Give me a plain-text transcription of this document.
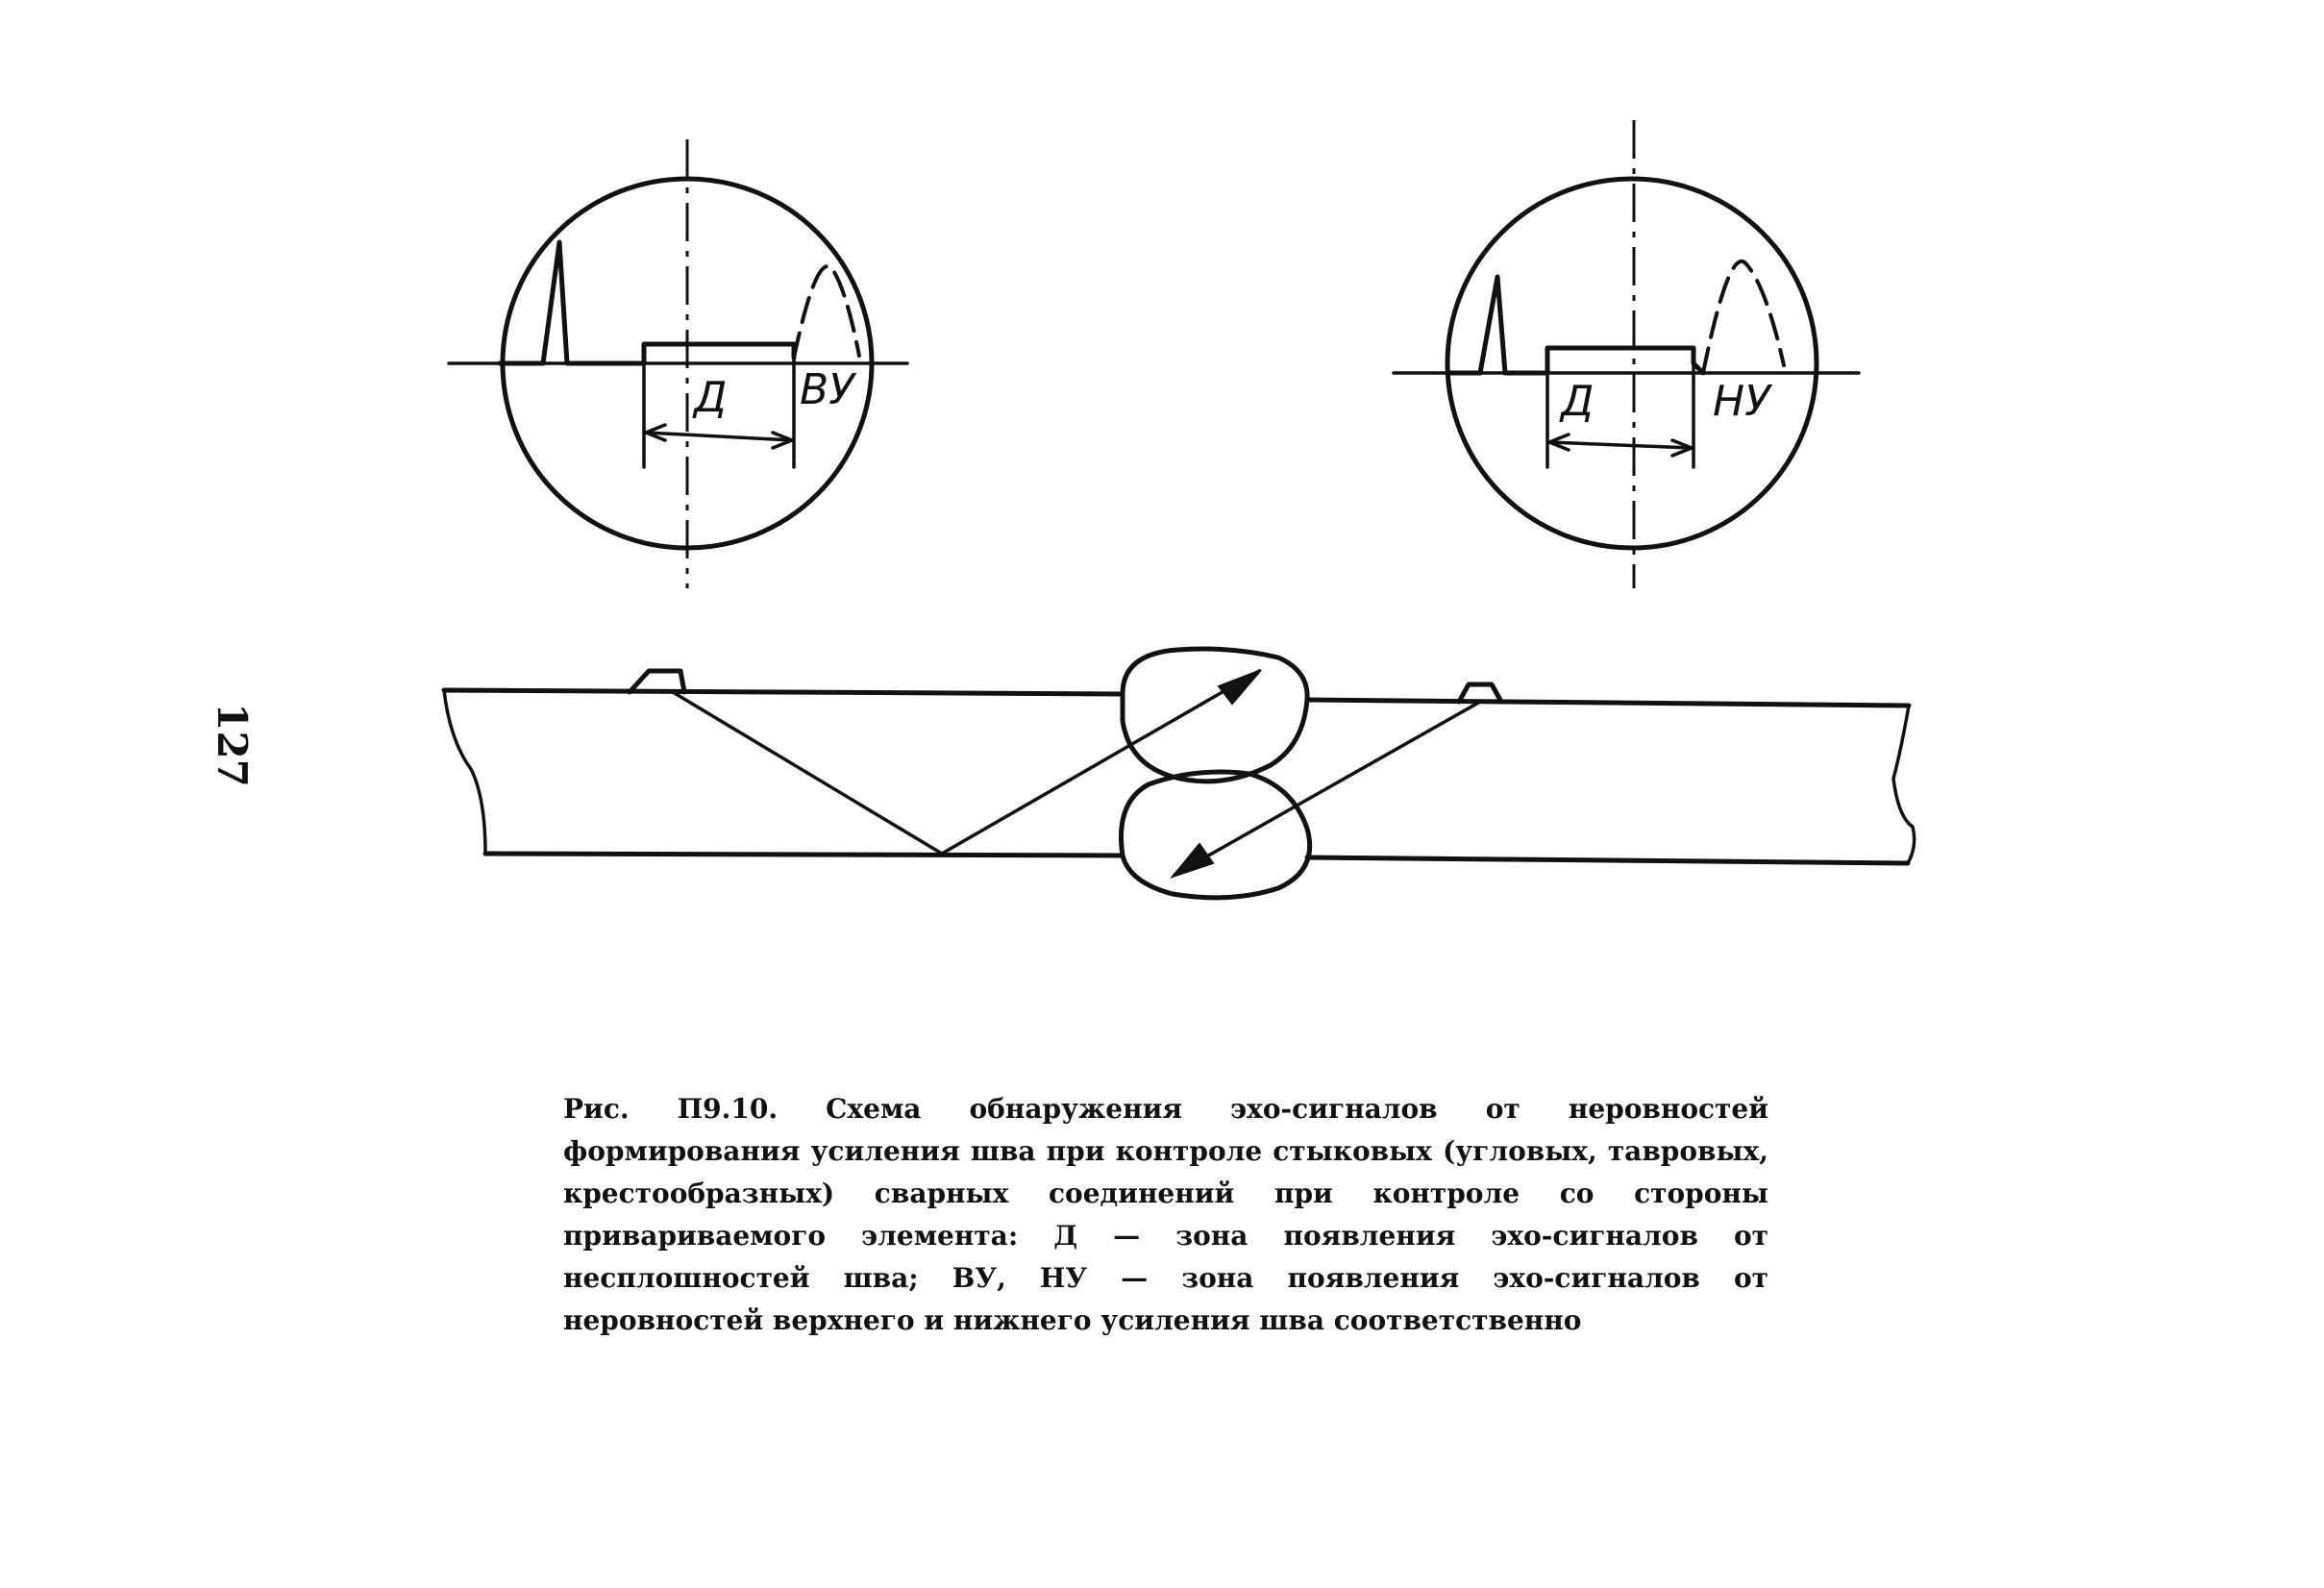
127
Д ВУ	Д	НУ
Рис. П9.10. Схема обнаружения эхо-сигналов от неровностей формирования усиления шва при контроле стыковых (угловых, тавровых, крестообразных) сварных соединений при контроле со стороны привариваемого элемента: Д — зона появления эхо-сигналов от несплошностей шва; ВУ, НУ — зона появления эхо-сигналов от неровностей верхнего и нижнего усиления шва соответственно
